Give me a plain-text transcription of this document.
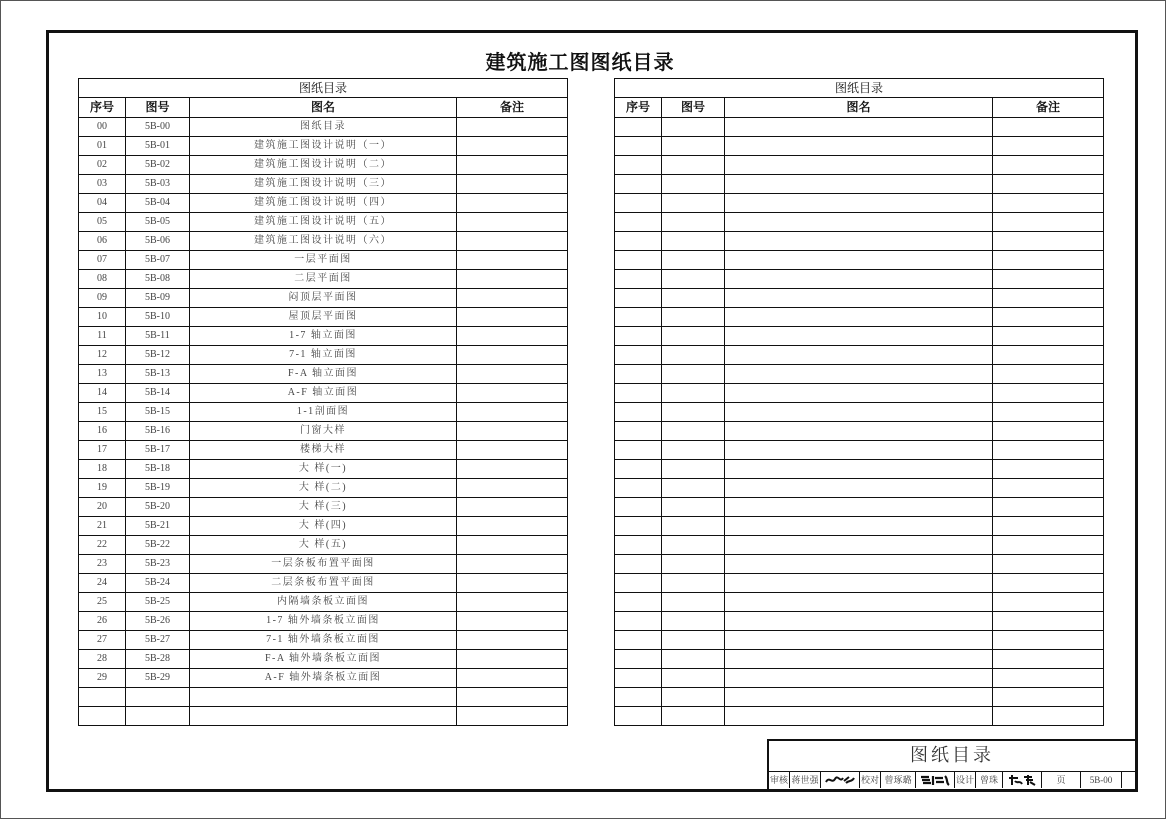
建筑施工图图纸目录
图纸目录			
序号	图号	图名	备注
00	5B-00	图纸目录	
01	5B-01	建筑施工图设计说明（一）	
02	5B-02	建筑施工图设计说明（二）	
03	5B-03	建筑施工图设计说明（三）	
04	5B-04	建筑施工图设计说明（四）	
05	5B-05	建筑施工图设计说明（五）	
06	5B-06	建筑施工图设计说明（六）	
07	5B-07	一层平面图	
08	5B-08	二层平面图	
09	5B-09	闷顶层平面图	
10	5B-10	屋顶层平面图	
11	5B-11	1-7 轴立面图	
12	5B-12	7-1 轴立面图	
13	5B-13	F-A 轴立面图	
14	5B-14	A-F 轴立面图	
15	5B-15	1-1剖面图	
16	5B-16	门窗大样	
17	5B-17	楼梯大样	
18	5B-18	大 样(一)	
19	5B-19	大 样(二)	
20	5B-20	大 样(三)	
21	5B-21	大 样(四)	
22	5B-22	大 样(五)	
23	5B-23	一层条板布置平面图	
24	5B-24	二层条板布置平面图	
25	5B-25	内隔墙条板立面图	
26	5B-26	1-7 轴外墙条板立面图	
27	5B-27	7-1 轴外墙条板立面图	
28	5B-28	F-A 轴外墙条板立面图	
29	5B-29	A-F 轴外墙条板立面图	

图纸目录			
序号	图号	图名	备注

图纸目录
审核 蒋世强	校对 曾琢璐	设计 曾珠	页	5B-00
